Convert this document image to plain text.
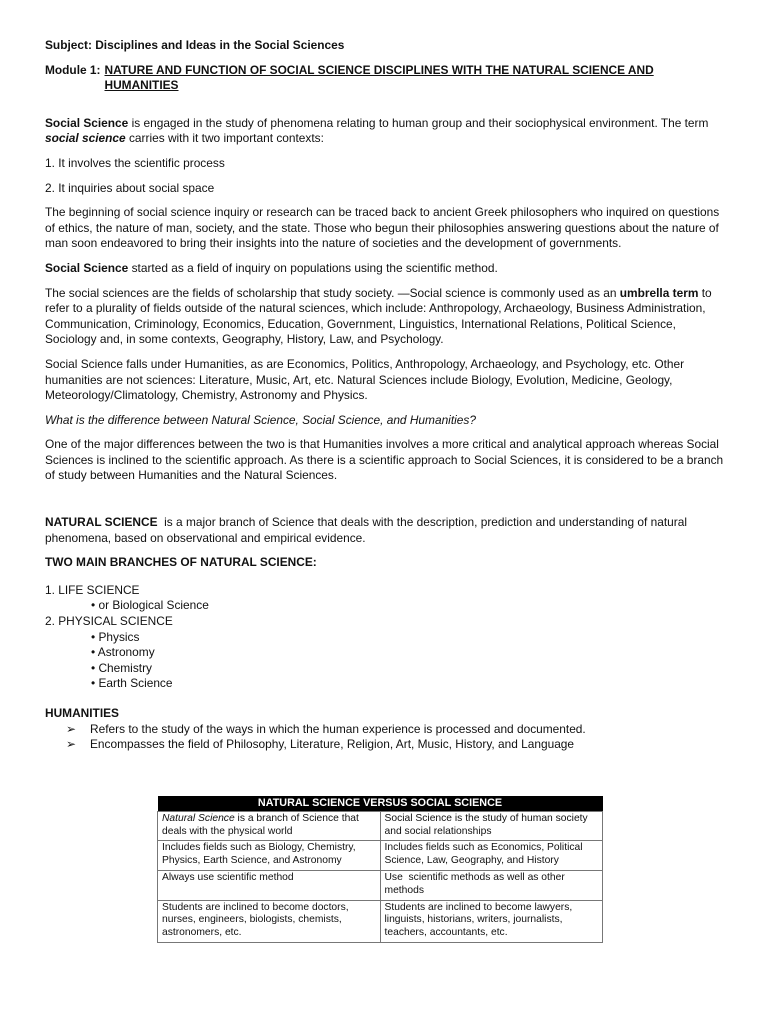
Subject: Disciplines and Ideas in the Social Sciences

Module 1: NATURE AND FUNCTION OF SOCIAL SCIENCE DISCIPLINES WITH THE NATURAL SCIENCE AND HUMANITIES

Social Science is engaged in the study of phenomena relating to human group and their sociophysical environment. The term social science carries with it two important contexts:

1. It involves the scientific process

2. It inquiries about social space

The beginning of social science inquiry or research can be traced back to ancient Greek philosophers who inquired on questions of ethics, the nature of man, society, and the state. Those who begun their philosophies answering questions about the nature of man soon endeavored to bring their insights into the nature of societies and the development of governments.

Social Science started as a field of inquiry on populations using the scientific method.

The social sciences are the fields of scholarship that study society. —Social science is commonly used as an umbrella term to refer to a plurality of fields outside of the natural sciences, which include: Anthropology, Archaeology, Business Administration, Communication, Criminology, Economics, Education, Government, Linguistics, International Relations, Political Science, Sociology and, in some contexts, Geography, History, Law, and Psychology.

Social Science falls under Humanities, as are Economics, Politics, Anthropology, Archaeology, and Psychology, etc. Other humanities are not sciences: Literature, Music, Art, etc. Natural Sciences include Biology, Evolution, Medicine, Geology, Meteorology/Climatology, Chemistry, Astronomy and Physics.

What is the difference between Natural Science, Social Science, and Humanities?

One of the major differences between the two is that Humanities involves a more critical and analytical approach whereas Social Sciences is inclined to the scientific approach. As there is a scientific approach to Social Sciences, it is considered to be a branch of study between Humanities and the Natural Sciences.

NATURAL SCIENCE  is a major branch of Science that deals with the description, prediction and understanding of natural phenomena, based on observational and empirical evidence.

TWO MAIN BRANCHES OF NATURAL SCIENCE:

1. LIFE SCIENCE

• or Biological Science

2. PHYSICAL SCIENCE

• Physics

• Astronomy

• Chemistry

• Earth Science

HUMANITIES

➢	Refers to the study of the ways in which the human experience is processed and documented.
➢	Encompasses the field of Philosophy, Literature, Religion, Art, Music, History, and Language
NATURAL SCIENCE VERSUS SOCIAL SCIENCE	
Natural Science is a branch of Science that deals with the physical world	Social Science is the study of human society and social relationships
Includes fields such as Biology, Chemistry, Physics, Earth Science, and Astronomy	Includes fields such as Economics, Political Science, Law, Geography, and History
Always use scientific method	Use  scientific methods as well as other methods
Students are inclined to become doctors, nurses, engineers, biologists, chemists, astronomers, etc.	Students are inclined to become lawyers, linguists, historians, writers, journalists, teachers, accountants, etc.
